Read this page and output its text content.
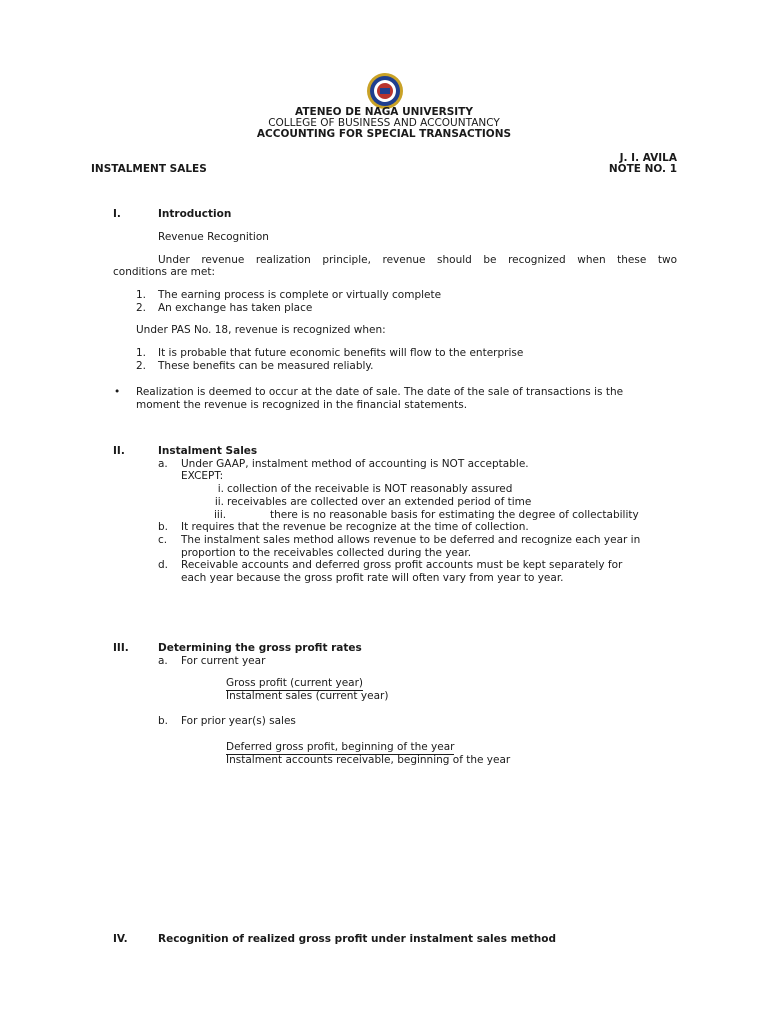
ATENEO DE NAGA UNIVERSITY
COLLEGE OF BUSINESS AND ACCOUNTANCY
ACCOUNTING FOR SPECIAL TRANSACTIONS
J. I. AVILA
INSTALMENT SALES	NOTE NO. 1
I.	Introduction
Revenue Recognition
Under revenue realization principle, revenue should be recognized when these two
conditions are met:
1. The earning process is complete or virtually complete
2. An exchange has taken place
Under PAS No. 18, revenue is recognized when:
1. It is probable that future economic benefits will flow to the enterprise
2. These benefits can be measured reliably.
• Realization is deemed to occur at the date of sale. The date of the sale of transactions is the
moment the revenue is recognized in the financial statements.
II.	Instalment Sales
a. Under GAAP, instalment method of accounting is NOT acceptable.
EXCEPT:
i. collection of the receivable is NOT reasonably assured
ii. receivables are collected over an extended period of time
iii.	there is no reasonable basis for estimating the degree of collectability
b. It requires that the revenue be recognize at the time of collection.
c. The instalment sales method allows revenue to be deferred and recognize each year in
proportion to the receivables collected during the year.
d. Receivable accounts and deferred gross profit accounts must be kept separately for
each year because the gross profit rate will often vary from year to year.
III.	Determining the gross profit rates
a. For current year
Gross profit (current year)
Instalment sales (current year)
b. For prior year(s) sales
Deferred gross profit, beginning of the year
Instalment accounts receivable, beginning of the year
IV.	Recognition of realized gross profit under instalment sales method
